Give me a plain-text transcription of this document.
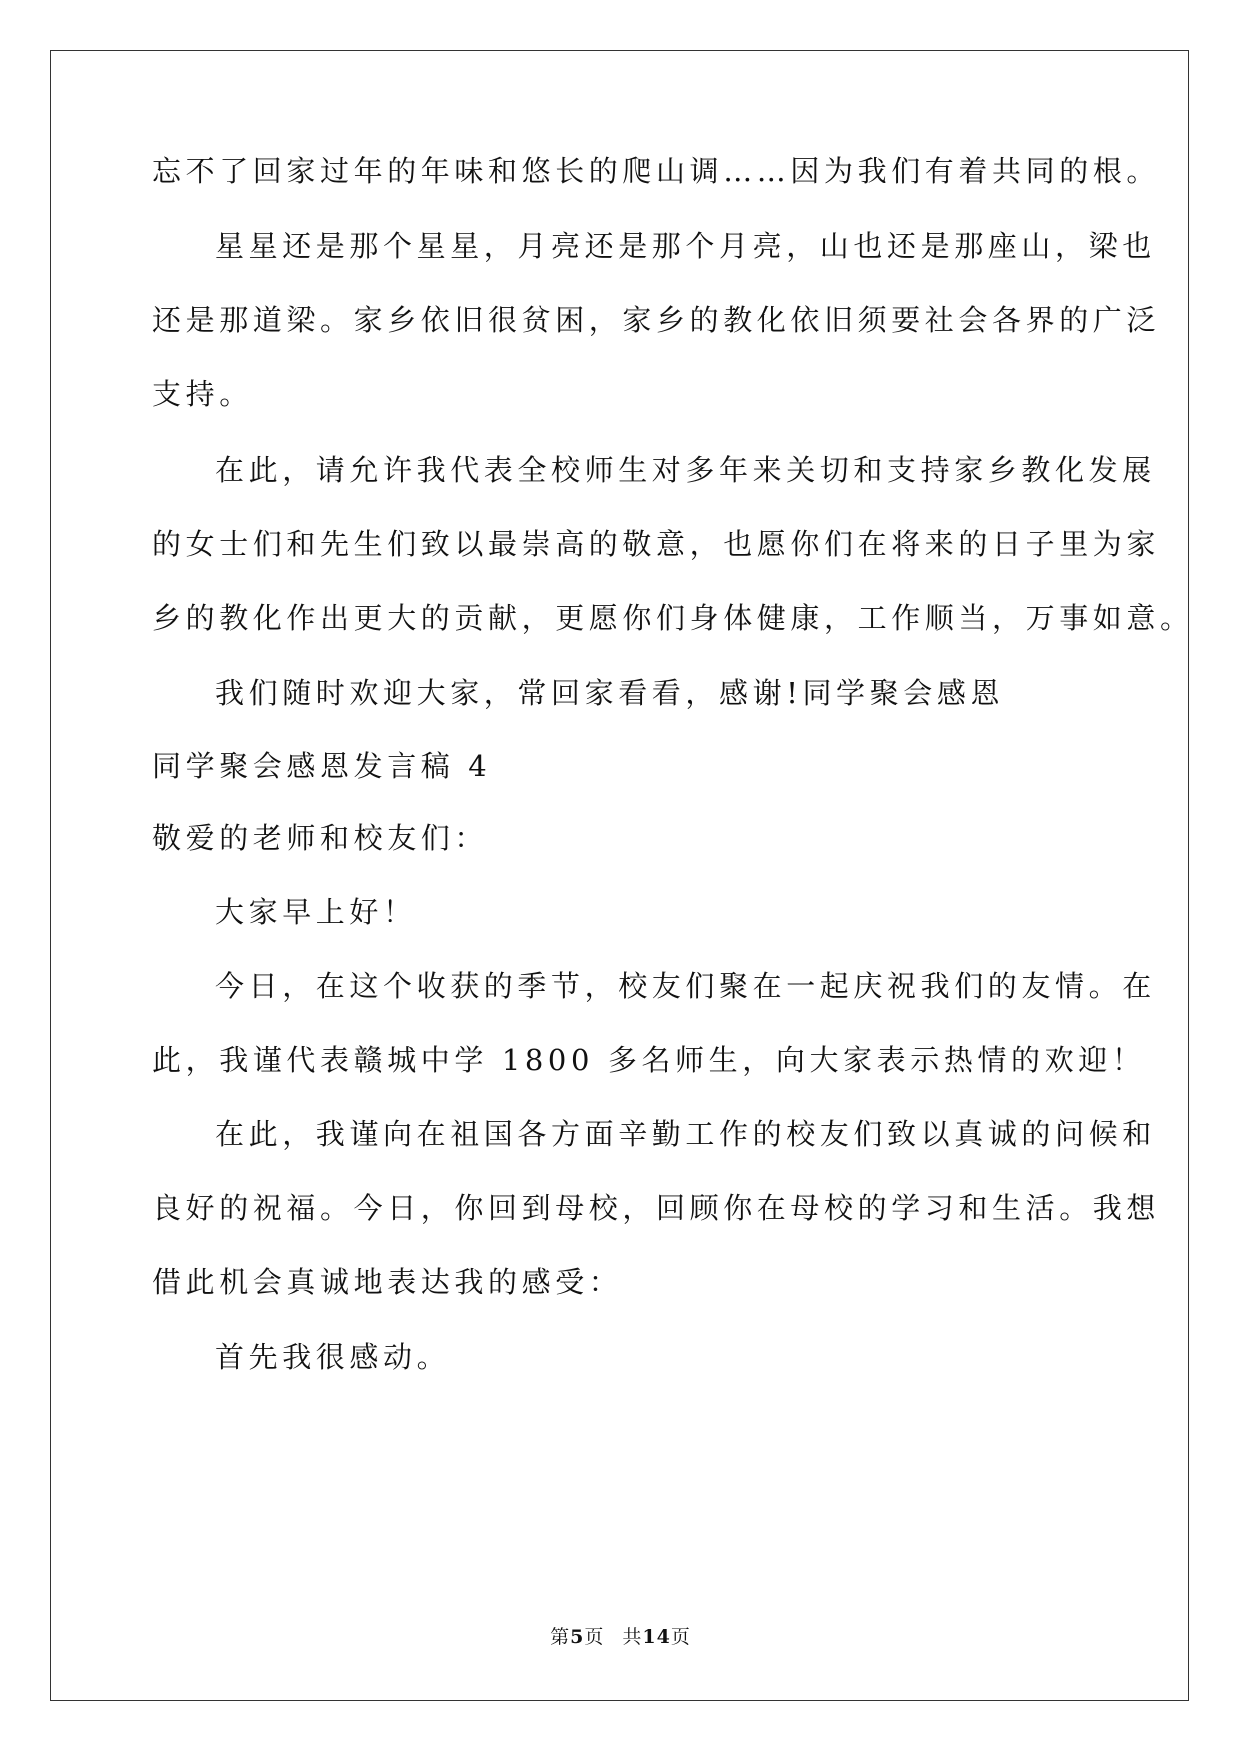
忘不了回家过年的年味和悠长的爬山调……因为我们有着共同的根。
星星还是那个星星，月亮还是那个月亮，山也还是那座山，梁也
还是那道梁。家乡依旧很贫困，家乡的教化依旧须要社会各界的广泛
支持。
在此，请允许我代表全校师生对多年来关切和支持家乡教化发展
的女士们和先生们致以最崇高的敬意，也愿你们在将来的日子里为家
乡的教化作出更大的贡献，更愿你们身体健康，工作顺当，万事如意。
我们随时欢迎大家，常回家看看，感谢!同学聚会感恩
同学聚会感恩发言稿 4
敬爱的老师和校友们：
大家早上好！
今日，在这个收获的季节，校友们聚在一起庆祝我们的友情。在
此，我谨代表赣城中学 1800 多名师生，向大家表示热情的欢迎！
在此，我谨向在祖国各方面辛勤工作的校友们致以真诚的问候和
良好的祝福。今日，你回到母校，回顾你在母校的学习和生活。我想
借此机会真诚地表达我的感受：
首先我很感动。
第5页 共14页
